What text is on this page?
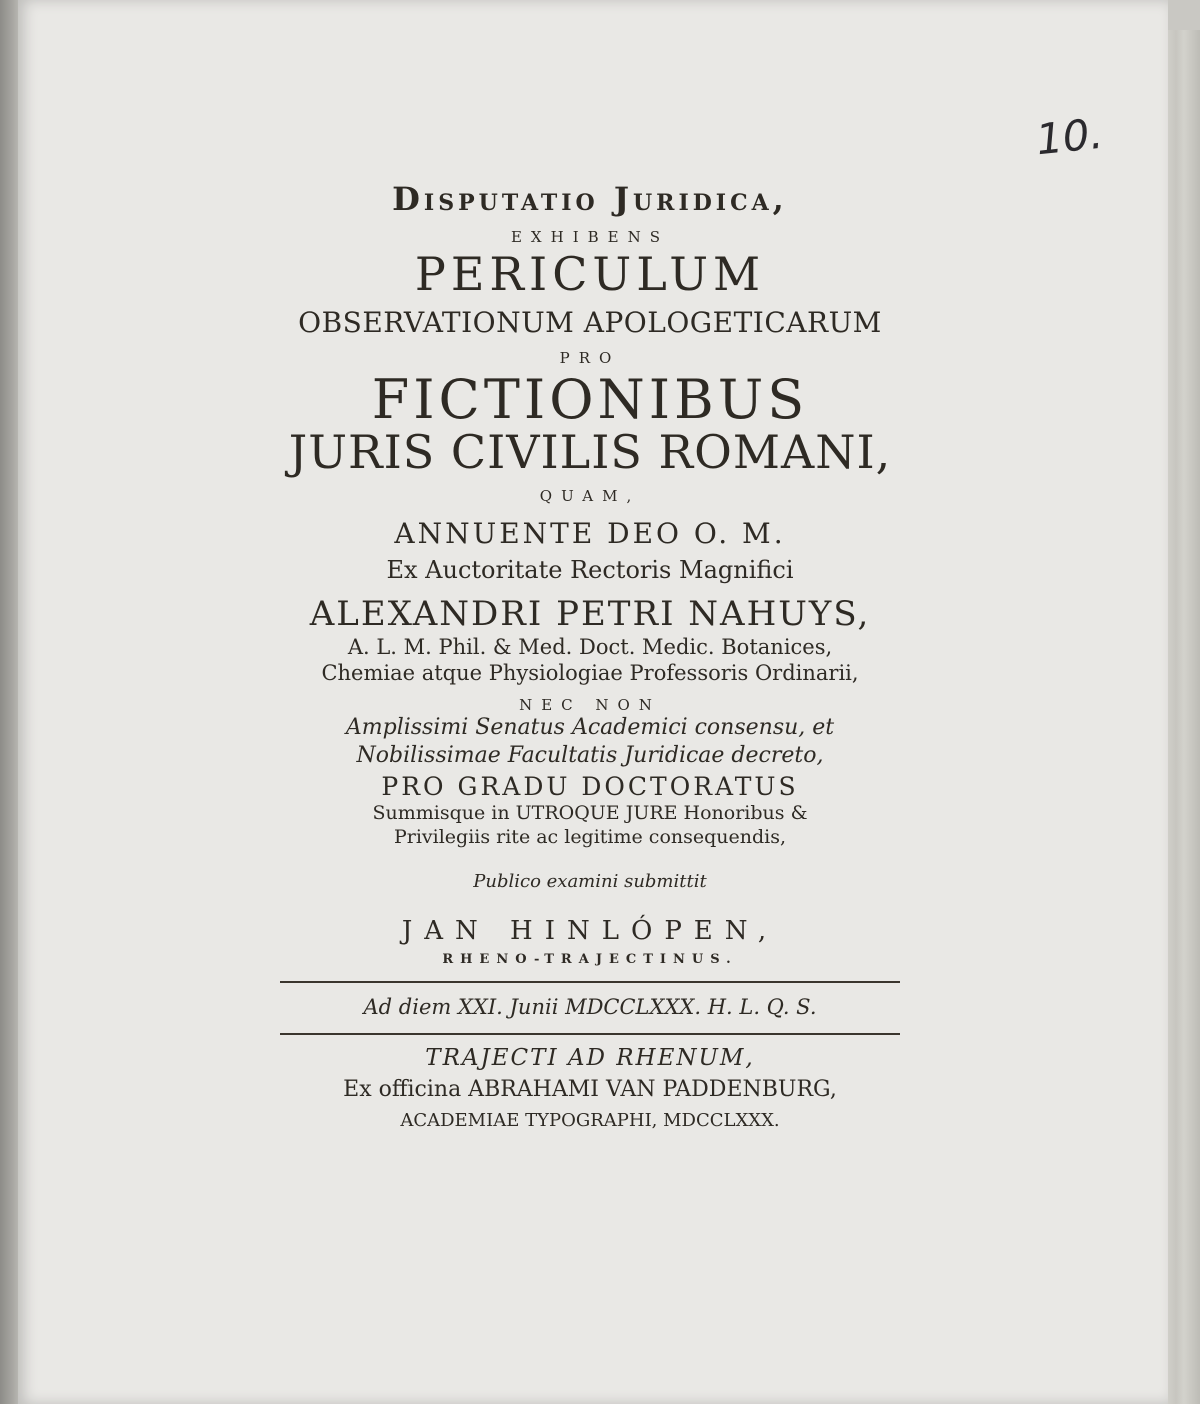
10.

Disputatio Juridica,

EXHIBENS

PERICULUM

OBSERVATIONUM APOLOGETICARUM

PRO

FICTIONIBUS

JURIS CIVILIS ROMANI,

QUAM,

ANNUENTE DEO O. M.

Ex Auctoritate Rectoris Magnifici

ALEXANDRI PETRI NAHUYS,

A. L. M. Phil. & Med. Doct. Medic. Botanices,

Chemiae atque Physiologiae Professoris Ordinarii,

NEC NON

Amplissimi Senatus Academici consensu, et

Nobilissimae Facultatis Juridicae decreto,

PRO GRADU DOCTORATUS

Summisque in UTROQUE JURE Honoribus &

Privilegiis rite ac legitime consequendis,

Publico examini submittit

JAN HINLÓPEN,

RHENO-TRAJECTINUS.

Ad diem XXI. Junii MDCCLXXX. H. L. Q. S.

TRAJECTI AD RHENUM,

Ex officina ABRAHAMI VAN PADDENBURG,

ACADEMIAE TYPOGRAPHI, MDCCLXXX.
